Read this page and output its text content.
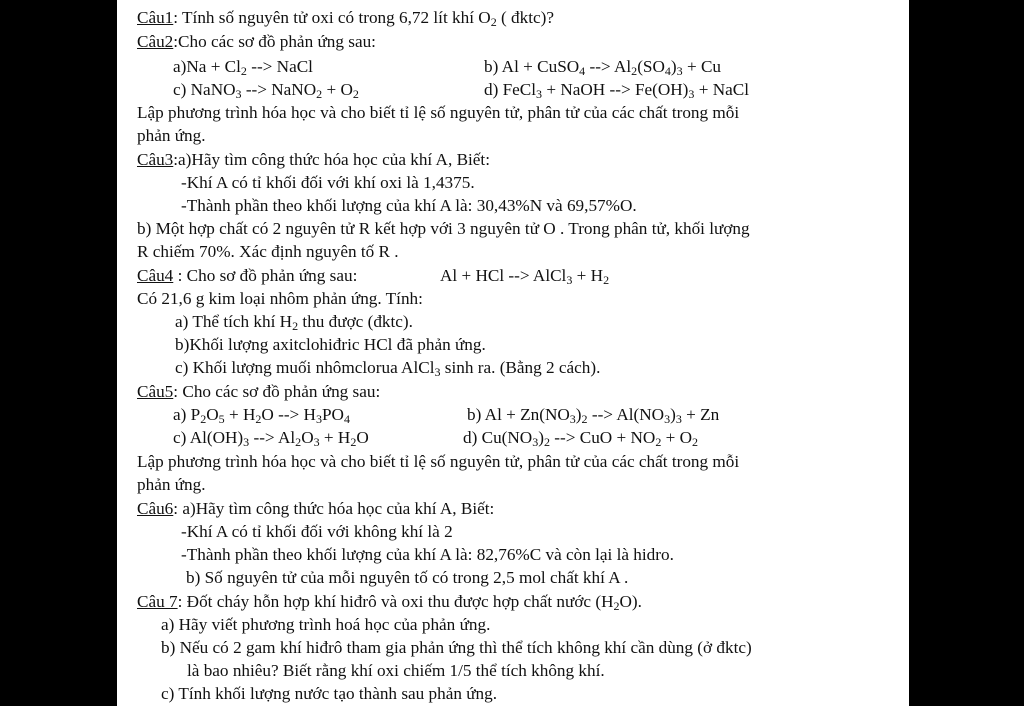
Câu1: Tính số nguyên tử oxi có trong 6,72 lít khí $O_2$ ( đktc)?
Câu2:Cho các sơ đồ phản ứng sau:
$a)Na + Cl_2$ --> NaCl	b) Al + CuSO$_4$ --> $Al_2(SO_4)_3 + Cu$
c) NaNO$_3$ --> NaNO$_2$ + $O_2$	d) FeCl$_3$ + NaOH --> $Fe(OH)_3$ + NaCl
Lập phương trình hóa học và cho biết tỉ lệ số nguyên tử, phân tử của các chất trong mỗi
phản ứng.
Câu3:a)Hãy tìm công thức hóa học của khí A, Biết:
-Khí A có tỉ khối đối với khí oxi là 1,4375.
-Thành phần theo khối lượng của khí A là: 30,43%N và 69,57%O.
b) Một hợp chất có 2 nguyên tử R kết hợp với 3 nguyên tử O . Trong phân tử, khối lượng
R chiếm 70%. Xác định nguyên tố R .
Câu4 : Cho sơ đồ phản ứng sau:	Al + HCl --> AlCl$_3$ + $H_2$
Có 21,6 g kim loại nhôm phản ứng. Tính:
a) Thể tích khí $H_2$ thu được (đktc).
b)Khối lượng axitclohiđric HCl đã phản ứng.
c) Khối lượng muối nhômclorua AlCl$_3$ sinh ra. (Bằng 2 cách).
Câu5: Cho các sơ đồ phản ứng sau:
a) $P_2O_5 + H_2O$ --> $H_3PO_4$	b) $Al + Zn(NO_3)_2$ --> $Al(NO_3)_3 + Zn$
c) $Al(OH)_3$ --> $Al_2O_3 + H_2O$	d) $Cu(NO_3)_2$ --> CuO + $NO_2 + O_2$
Lập phương trình hóa học và cho biết tỉ lệ số nguyên tử, phân tử của các chất trong mỗi
phản ứng.
Câu6: a)Hãy tìm công thức hóa học của khí A, Biết:
-Khí A có tỉ khối đối với không khí là 2
-Thành phần theo khối lượng của khí A là: 82,76%C và còn lại là hidro.
b) Số nguyên tử của mỗi nguyên tố có trong 2,5 mol chất khí A .
Câu 7: Đốt cháy hỗn hợp khí hiđrô và oxi thu được hợp chất nước $(H_2O)$.
a) Hãy viết phương trình hoá học của phản ứng.
b) Nếu có 2 gam khí hiđrô tham gia phản ứng thì thể tích không khí cần dùng (ở đktc)
là bao nhiêu? Biết rằng khí oxi chiếm 1/5 thể tích không khí.
c) Tính khối lượng nước tạo thành sau phản ứng.
